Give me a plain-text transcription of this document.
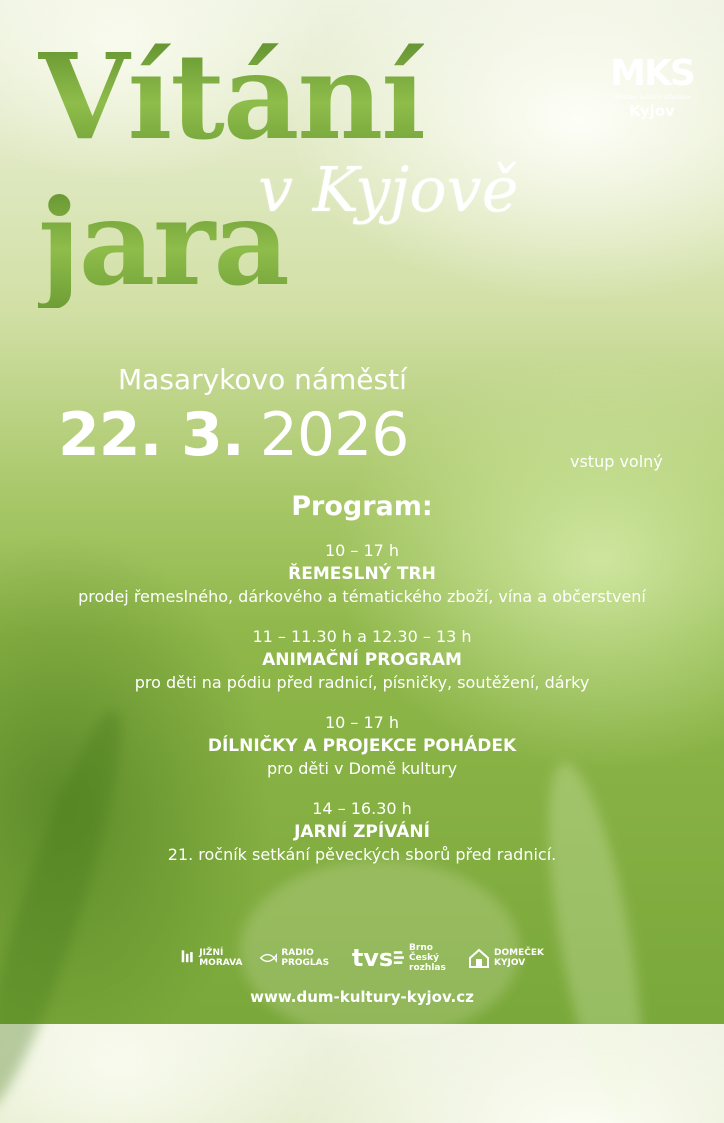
Vítání
jara
v Kyjově
MKS
Městské kulturní středisko
Kyjov
Masarykovo náměstí
22. 3. 2026	vstup volný
Program:
10 – 17 h
ŘEMESLNÝ TRH
prodej řemeslného, dárkového a tématického zboží, vína a občerstvení
11 – 11.30 h a 12.30 – 13 h
ANIMAČNÍ PROGRAM
pro děti na pódiu před radnicí, písničky, soutěžení, dárky
10 – 17 h
DÍLNIČKY A PROJEKCE POHÁDEK
pro děti v Domě kultury
14 – 16.30 h
JARNÍ ZPÍVÁNÍ
21. ročník setkání pěveckých sborů před radnicí.
JIŽNÍ MORAVA
RADIO PROGLAS tvs Brno
Český rozhlas
DOMEČEK
KYJOV
www.dum-kultury-kyjov.cz
